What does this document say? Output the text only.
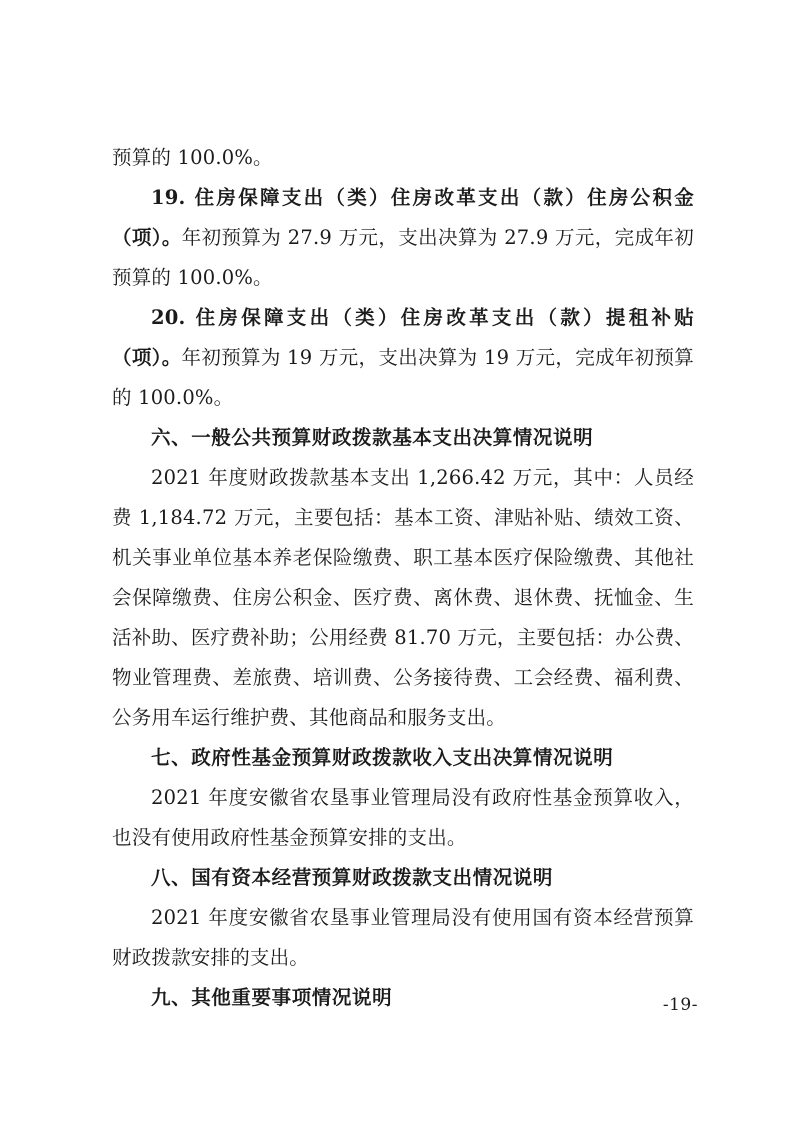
预算的 100.0%。

19. 住房保障支出（类）住房改革支出（款）住房公积金（项）。年初预算为 27.9 万元，支出决算为 27.9 万元，完成年初预算的 100.0%。

20. 住房保障支出（类）住房改革支出（款）提租补贴（项）。年初预算为 19 万元，支出决算为 19 万元，完成年初预算的 100.0%。

六、一般公共预算财政拨款基本支出决算情况说明

2021 年度财政拨款基本支出 1,266.42 万元，其中：人员经费 1,184.72 万元，主要包括：基本工资、津贴补贴、绩效工资、机关事业单位基本养老保险缴费、职工基本医疗保险缴费、其他社会保障缴费、住房公积金、医疗费、离休费、退休费、抚恤金、生活补助、医疗费补助；公用经费 81.70 万元，主要包括：办公费、物业管理费、差旅费、培训费、公务接待费、工会经费、福利费、公务用车运行维护费、其他商品和服务支出。

七、政府性基金预算财政拨款收入支出决算情况说明

2021 年度安徽省农垦事业管理局没有政府性基金预算收入，也没有使用政府性基金预算安排的支出。

八、国有资本经营预算财政拨款支出情况说明

2021 年度安徽省农垦事业管理局没有使用国有资本经营预算财政拨款安排的支出。

九、其他重要事项情况说明	-19-
